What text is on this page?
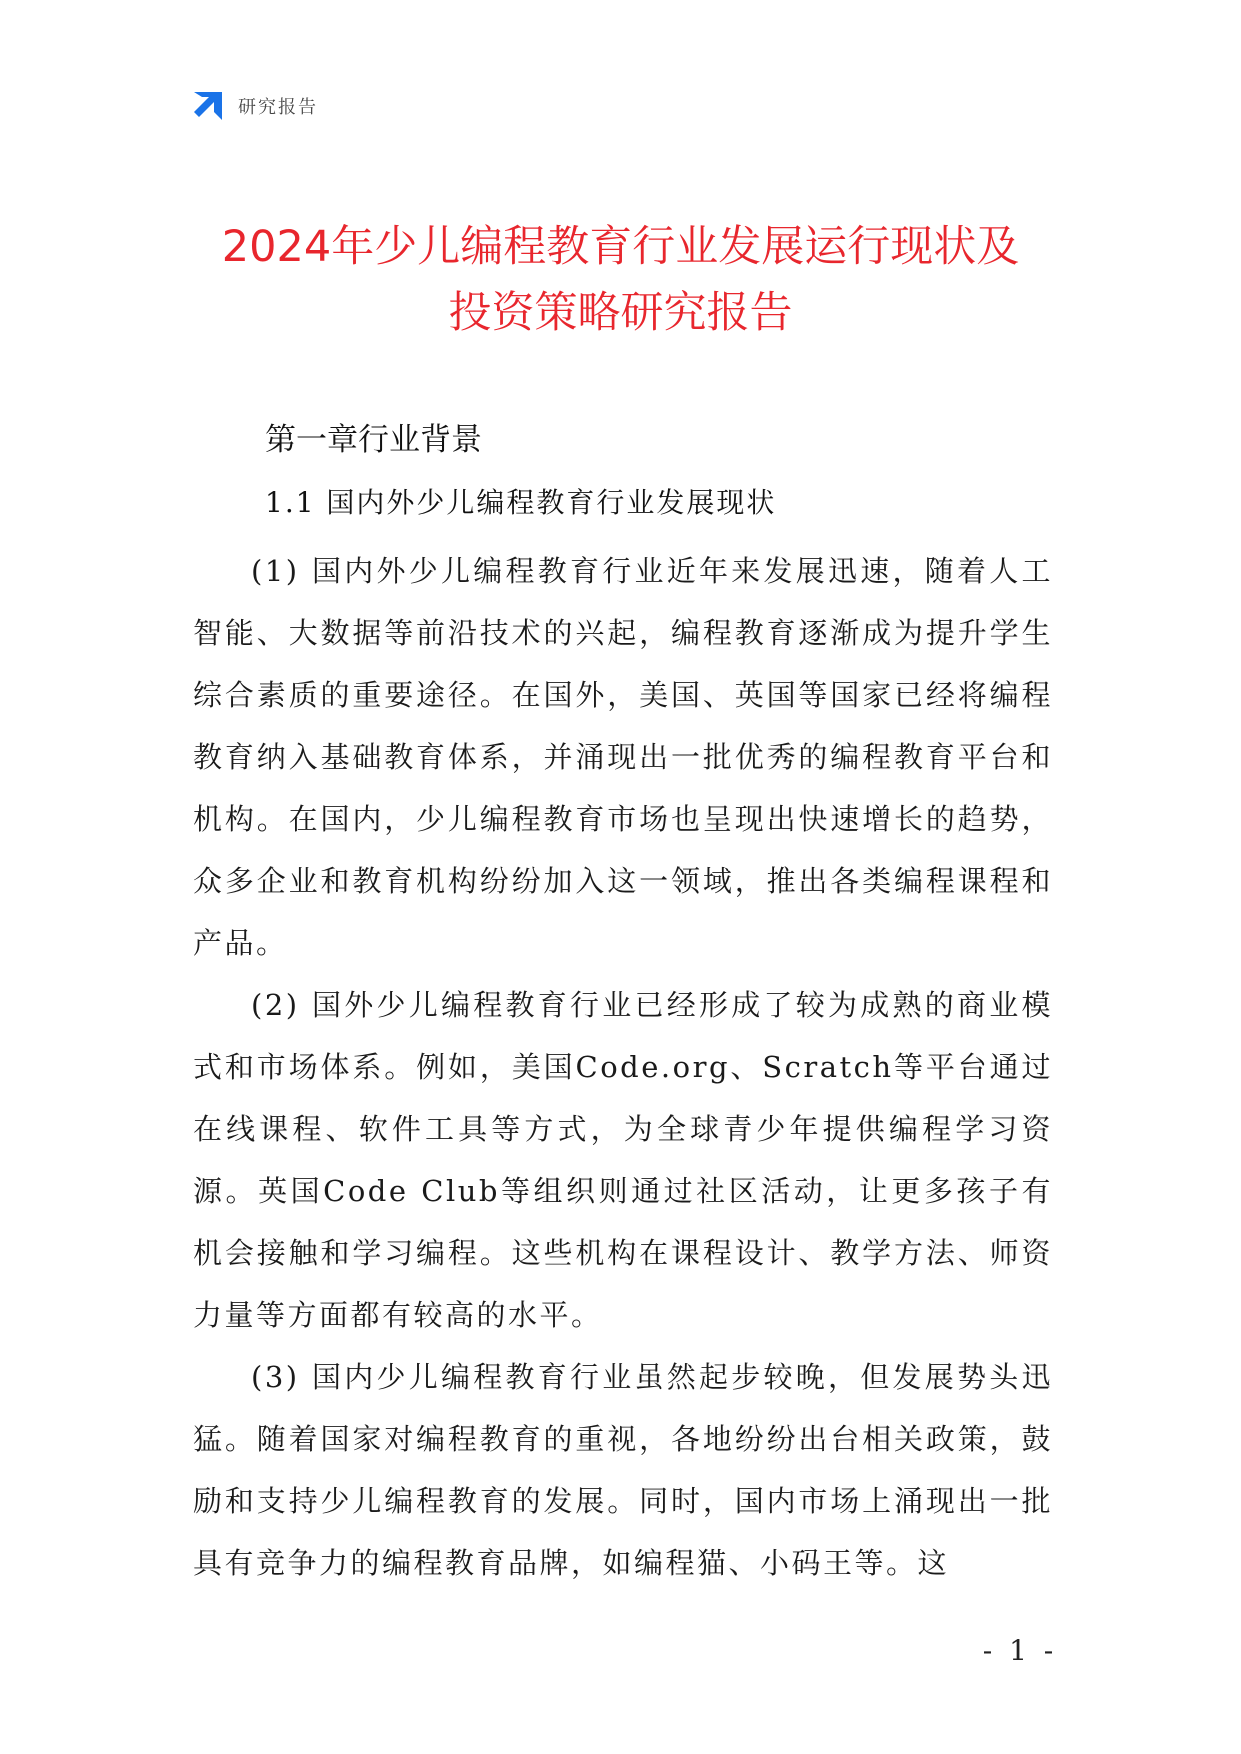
研究报告
2024年少儿编程教育行业发展运行现状及
投资策略研究报告
第一章行业背景
1.1 国内外少儿编程教育行业发展现状

(1) 国内外少儿编程教育行业近年来发展迅速，随着人工智能、大数据等前沿技术的兴起，编程教育逐渐成为提升学生综合素质的重要途径。在国外，美国、英国等国家已经将编程教育纳入基础教育体系，并涌现出一批优秀的编程教育平台和机构。在国内，少儿编程教育市场也呈现出快速增长的趋势，众多企业和教育机构纷纷加入这一领域，推出各类编程课程和产品。

(2) 国外少儿编程教育行业已经形成了较为成熟的商业模式和市场体系。例如，美国Code.org、Scratch等平台通过在线课程、软件工具等方式，为全球青少年提供编程学习资源。英国Code Club等组织则通过社区活动，让更多孩子有机会接触和学习编程。这些机构在课程设计、教学方法、师资力量等方面都有较高的水平。

(3) 国内少儿编程教育行业虽然起步较晚，但发展势头迅猛。随着国家对编程教育的重视，各地纷纷出台相关政策，鼓励和支持少儿编程教育的发展。同时，国内市场上涌现出一批具有竞争力的编程教育品牌，如编程猫、小码王等。这

- 1 -
